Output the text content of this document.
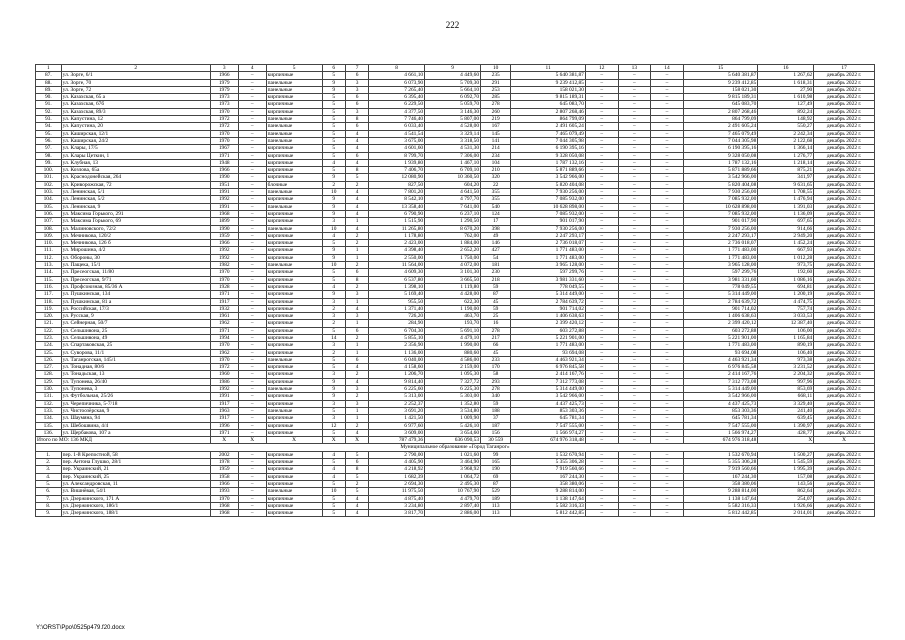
222
1	2	3	4	5	6	7	8	9	10	11	12	13	14	15	16	17
87.	ул. Зорге, 6/1	1966	–	кирпичные	5	6	4 661,10	4 449,60	235	5 640 381,87	–	–	–	5 640 381,87	1 267,62	декабрь 2022 г.
88.	ул. Зорге, 70	1979	–	панельные	9	3	6 073,90	5 709,30	291	9 239 412,85	–	–	–	9 239 412,85	1 618,31	декабрь 2022 г.
89.	ул. Зорге, 72	1979	–	панельные	9	3	7 265,40	5 664,10	253	158 021,30	–	–	–	158 021,30	27,90	декабрь 2022 г.
90.	ул. Казахская, 65 а	1973	–	кирпичные	5	6	6 395,40	6 092,70	285	9 815 189,31	–	–	–	9 815 189,31	1 610,98	декабрь 2022 г.
91.	ул. Казахская, 67б	1973	–	кирпичные	5	6	6 229,50	5 059,70	278	645 083,70	–	–	–	645 083,70	127,49	декабрь 2022 г.
92.	ул. Казахская, 89/3	1970	–	кирпичные	5	3	4 377,50	3 146,30	260	2 807 268,46	–	–	–	2 807 268,46	892,24	декабрь 2022 г.
93.	ул. Капустина, 12	1972	–	панельные	5	8	7 746,40	5 807,00	219	864 799,09	–	–	–	864 799,09	148,92	декабрь 2022 г.
94.	ул. Капустина, 20	1972	–	панельные	5	6	6 033,40	4 528,00	167	2 491 605,24	–	–	–	2 491 605,24	550,27	декабрь 2022 г.
95.	ул. Каширская, 12/1	1970	–	панельные	5	4	4 541,54	3 329,14	145	7 465 079,49	–	–	–	7 465 079,49	2 242,34	декабрь 2022 г.
96.	ул. Каширская, 24/2	1970	–	панельные	5	4	3 675,00	3 318,50	141	7 044 305,98	–	–	–	7 044 305,98	2 122,68	декабрь 2022 г.
97.	ул. Клары, 17/5	1967	–	кирпичные	5	4	4 601,60	4 531,30	214	6 190 395,16	–	–	–	6 190 395,16	1 366,14	декабрь 2022 г.
98.	ул. Клары Цеткин, 1	1971	–	кирпичные	5	6	8 799,70	7 306,00	234	9 328 050,08	–	–	–	9 328 050,08	1 276,77	декабрь 2022 г.
99.	ул. Клубная, 13	1948	–	кирпичные	4	4	1 939,80	1 467,10	104	1 787 132,16	–	–	–	1 787 132,16	1 218,14	декабрь 2022 г.
100.	ул. Козлова, 65а	1966	–	кирпичные	5	8	7 406,70	6 709,10	210	5 871 889,66	–	–	–	5 871 889,66	875,21	декабрь 2022 г.
101.	ул. Краснодонейская, 264	1990	–	кирпичные	9	5	12 080,90	10 360,50	320	3 542 966,00	–	–	–	3 542 966,00	341,97	декабрь 2022 г.
102.	ул. Криворожская, 72	1951	–	блочные	2	2	827,50	604,20	22	5 820 404,08	–	–	–	5 820 404,08	9 631,65	декабрь 2022 г.
103.	ул. Ленинская, 5/1	1991	–	панельные	10	4	7 801,20	4 641,50	355	7 930 256,00	–	–	–	7 930 256,00	1 708,55	декабрь 2022 г.
104.	ул. Ленинская, 5/2	1992	–	кирпичные	9	4	8 542,10	4 797,70	355	7 085 932,00	–	–	–	7 085 932,00	1 476,94	декабрь 2022 г.
105.	ул. Ленинская, 9	1991	–	панельные	9	4	13 358,40	7 641,00	540	10 628 898,00	–	–	–	10 628 898,00	1 391,03	декабрь 2022 г.
106.	ул. Максима Горького, 291	1968	–	кирпичные	9	4	6 790,90	6 237,10	124	7 085 932,00	–	–	–	7 085 932,00	1 136,09	декабрь 2022 г.
107.	ул. Максима Горького, 69	1899	–	кирпичные	3	1	1 515,90	1 290,50	17	901 017,90	–	–	–	901 017,90	697,65	декабрь 2022 г.
108.	ул. Малиновского, 72/2	1990	–	панельные	10	4	11 265,80	8 670,20	398	7 930 256,00	–	–	–	7 930 256,00	914,66	декабрь 2022 г.
109.	ул. Мечникова, 120/2	1959	–	кирпичные	4	2	1 178,80	762,00	49	2 247 293,17	–	–	–	2 247 293,17	2 949,20	декабрь 2022 г.
110.	ул. Мечникова, 126 б	1966	–	кирпичные	5	2	2 423,00	1 884,00	146	2 736 018,07	–	–	–	2 736 018,07	1 452,24	декабрь 2022 г.
111.	ул. Мирошина, 4/2	1992	–	кирпичные	9	1	4 398,40	2 652,20	427	1 771 483,00	–	–	–	1 771 483,00	667,93	декабрь 2022 г.
112.	ул. Обороны, 30	1992	–	кирпичные	9	1	2 550,00	1 750,00	54	1 771 483,00	–	–	–	1 771 483,00	1 012,28	декабрь 2022 г.
113.	ул. Пащека, 15/1	1982	–	панельные	10	2	11 564,00	4 072,00	181	3 965 128,00	–	–	–	3 965 128,00	973,75	декабрь 2022 г.
114.	ул. Пресеогская, 11/80	1970	–	кирпичные	5	6	4 609,30	3 101,30	230	597 299,76	–	–	–	597 299,76	192,60	декабрь 2022 г.
115.	ул. Пресеогская, 9/71	1970	–	кирпичные	5	8	6 537,80	3 665,50	218	3 981 331,60	–	–	–	3 981 331,60	1 086,16	декабрь 2022 г.
116.	ул. Профсоюзная, 85/36 А	1928	–	кирпичные	4	2	1 398,10	1 119,80	59	778 049,55	–	–	–	778 049,55	694,81	декабрь 2022 г.
117.	ул. Пушкинская, 134	1971	–	кирпичные	9	3	5 169,40	4 428,00	87	5 314 449,00	–	–	–	5 314 449,00	1 200,19	декабрь 2022 г.
118.	ул. Пушкинская, 81 а	1917	–	кирпичные	3	1	955,50	622,30	45	2 784 639,72	–	–	–	2 784 639,72	4 474,75	декабрь 2022 г.
119.	ул. Российская, 17/3	1932	–	кирпичные	2	4	1 371,40	1 190,00	59	901 714,02	–	–	–	901 714,02	757,74	декабрь 2022 г.
120.	ул. Русская, 9	1961	–	кирпичные	3	3	726,20	463,70	25	1 406 638,63	–	–	–	1 406 638,63	3 033,53	декабрь 2022 г.
121.	ул. Сейнерная, 50/7	1962	–	кирпичные	2	1	284,90	193,70	16	2 399 420,12	–	–	–	2 399 420,12	12 387,40	декабрь 2022 г.
122.	ул. Сельшивона, 25	1971	–	кирпичные	5	6	6 704,30	5 691,10	278	603 272,88	–	–	–	603 272,88	106,00	декабрь 2022 г.
123.	ул. Сельшивона, 49	1994	–	кирпичные	14	2	5 855,10	4 479,10	217	5 221 901,00	–	–	–	5 221 901,00	1 165,84	декабрь 2022 г.
124.	ул. Спартаковская, 25	1970	–	кирпичные	3	1	2 356,90	1 990,00	66	1 771 483,00	–	–	–	1 771 483,00	890,19	декабрь 2022 г.
125.	ул. Суворова, 11/1	1962	–	кирпичные	2	1	1 136,00	880,60	45	93 694,08	–	–	–	93 694,08	106,40	декабрь 2022 г.
126.	ул. Таганрогская, 145/1	1970	–	панельные	5	6	6 040,00	4 586,00	233	4 463 921,34	–	–	–	4 463 921,34	973,38	декабрь 2022 г.
127.	ул. Тонадная, 80/6	1972	–	кирпичные	5	4	4 158,60	2 159,00	170	6 976 845,58	–	–	–	6 976 845,58	3 231,52	декабрь 2022 г.
128.	ул. Тонадьская, 13	1960	–	кирпичные	3	2	1 206,70	1 095,30	58	2 414 167,76	–	–	–	2 414 167,76	2 204,32	декабрь 2022 г.
129.	ул. Тупонева, 26/40	1986	–	кирпичные	9	4	9 814,40	7 327,72	293	7 312 773,08	–	–	–	7 312 773,08	997,96	декабрь 2022 г.
130.	ул. Тупонева, 3	1992	–	панельные	9	3	6 225,60	6 225,30	278	5 314 449,00	–	–	–	5 314 449,00	853,69	декабрь 2022 г.
131.	ул. Футбольная, 25/26	1991	–	кирпичные	9	2	5 313,00	5 303,00	340	3 542 966,00	–	–	–	3 542 966,00	668,11	декабрь 2022 г.
132.	ул. Черепичника, 5-7/18	1917	–	кирпичные	3	3	2 252,37	1 352,80	59	4 437 425,73	–	–	–	4 437 425,73	3 329,40	декабрь 2022 г.
133.	ул. Чистоозёрская, 9	1963	–	панельные	5	1	3 691,20	3 534,80	188	853 303,36	–	–	–	853 303,36	241,40	декабрь 2022 г.
134.	ул. Шаумяна, 94	1917	–	кирпичные	3	1	1 421,50	1 009,90	37	645 781,34	–	–	–	645 781,34	639,45	декабрь 2022 г.
135.	ул. Шебошвина, 4/4	1996	–	кирпичные	12	2	6 977,60	5 426,10	187	7 547 555,00	–	–	–	7 547 555,00	1 390,97	декабрь 2022 г.
136.	ул. Щербакова, 107 а	1971	–	кирпичные	5	4	3 609,00	3 654,60	156	1 566 974,27	–	–	–	1 566 974,27	428,77	декабрь 2022 г.
Итого по МО: 136 МКД		X	X	X	X	X	787 479,36	636 090,53	30 559	674 976 318,48	–	–	–	674 976 318,48	X	X
Муниципальное образование «Город Таганрог»																
1.	пер. 1-й Крепостной, 58	2002	–	кирпичные	4	5	2 790,00	1 021,60	99	1 532 670,94	–	–	–	1 532 670,94	1 500,27	декабрь 2022 г.
2.	пер. Антона Глушко, 28/1	1978	–	кирпичные	5	6	4 405,90	3 464,90	165	5 355 306,28	–	–	–	5 355 306,28	1 545,59	декабрь 2022 г.
3.	пер. Украинский, 21	1959	–	кирпичные	4	8	4 218,92	3 968,92	190	7 919 560,66	–	–	–	7 919 560,66	1 995,39	декабрь 2022 г.
4.	пер. Украинский, 25	1958	–	кирпичные	4	5	1 682,39	1 064,72	69	167 244,30	–	–	–	167 244,30	157,08	декабрь 2022 г.
5.	ул. Александровская, 11	1966	–	кирпичные	5	2	2 694,30	2 495,30	87	358 380,06	–	–	–	358 380,06	143,56	декабрь 2022 г.
6.	ул. Вишнёвая, 54/1	1993	–	панельные	10	5	11 975,50	10 767,90	529	9 288 814,00	–	–	–	9 288 814,00	862,64	декабрь 2022 г.
7.	ул. Дзержинского, 171 А	1970	–	кирпичные	5	4	4 875,40	4 479,70	189	1 138 147,64	–	–	–	1 138 147,64	254,07	декабрь 2022 г.
8.	ул. Дзержинского, 186/1	1968	–	кирпичные	5	4	3 234,80	2 897,40	113	5 582 316,33	–	–	–	5 582 316,33	1 926,66	декабрь 2022 г.
9.	ул. Дзержинского, 188/1	1968	–	кирпичные	5	4	3 817,70	2 886,00	113	5 812 442,85	–	–	–	5 812 442,85	2 014,01	декабрь 2022 г.
Y:\ORST\Ppo\0525p479.f20.docx
